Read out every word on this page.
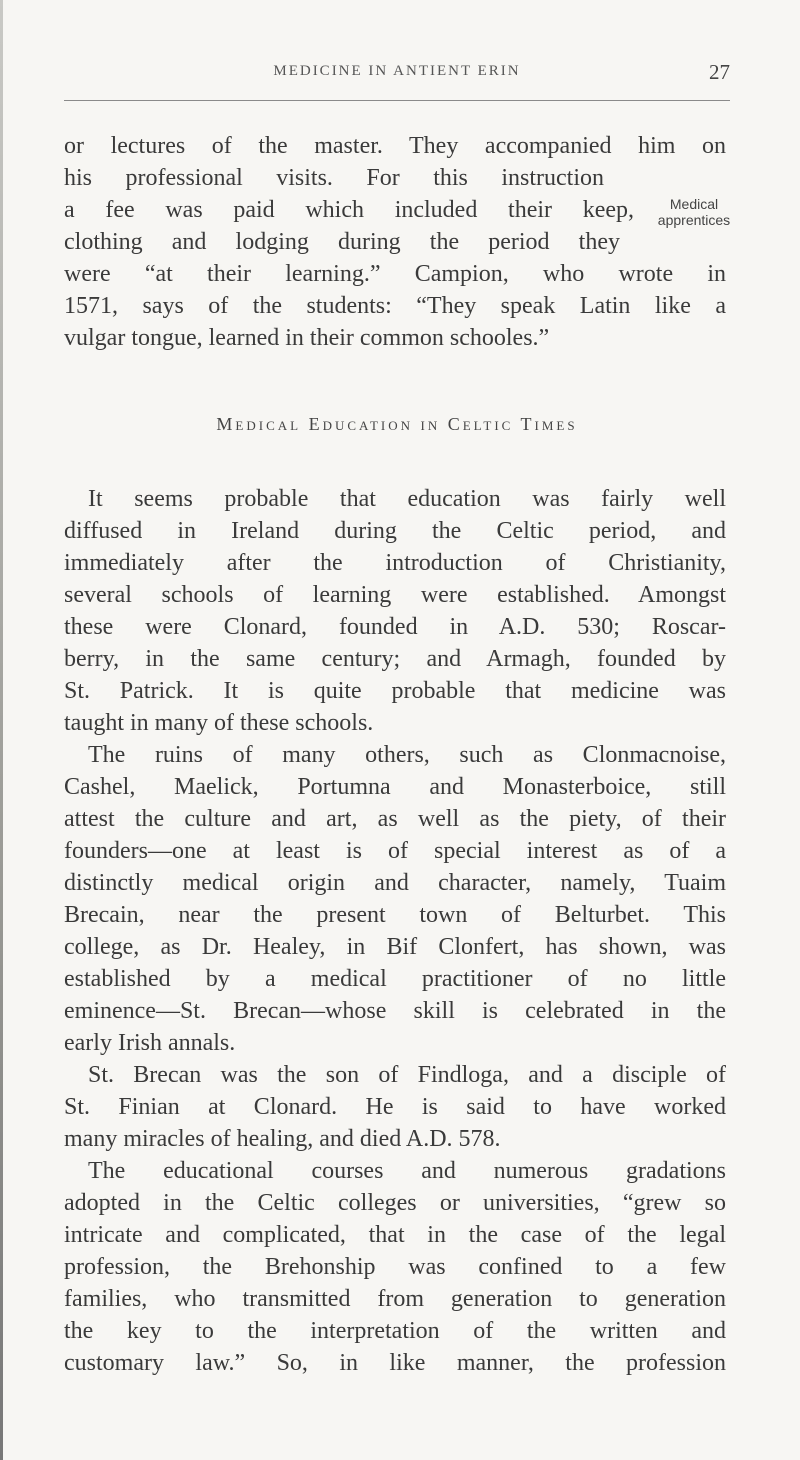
MEDICINE IN ANTIENT ERIN	27
or lectures of the master. They accompanied him on
his professional visits. For this instruction
a fee was paid which included their keep,
clothing and lodging during the period they
were “at their learning.” Campion, who wrote in
1571, says of the students: “They speak Latin like a
vulgar tongue, learned in their common schooles.”
Medical
apprentices
Medical Education in Celtic Times
It seems probable that education was fairly well
diffused in Ireland during the Celtic period, and
immediately after the introduction of Christianity,
several schools of learning were established. Amongst
these were Clonard, founded in A.D. 530; Roscar-
berry, in the same century; and Armagh, founded by
St. Patrick. It is quite probable that medicine was
taught in many of these schools.
The ruins of many others, such as Clonmacnoise,
Cashel, Maelick, Portumna and Monasterboice, still
attest the culture and art, as well as the piety, of their
founders—one at least is of special interest as of a
distinctly medical origin and character, namely, Tuaim
Brecain, near the present town of Belturbet. This
college, as Dr. Healey, in Bif Clonfert, has shown, was
established by a medical practitioner of no little
eminence—St. Brecan—whose skill is celebrated in the
early Irish annals.
St. Brecan was the son of Findloga, and a disciple of
St. Finian at Clonard. He is said to have worked
many miracles of healing, and died A.D. 578.
The educational courses and numerous gradations
adopted in the Celtic colleges or universities, “grew so
intricate and complicated, that in the case of the legal
profession, the Brehonship was confined to a few
families, who transmitted from generation to generation
the key to the interpretation of the written and
customary law.” So, in like manner, the profession
